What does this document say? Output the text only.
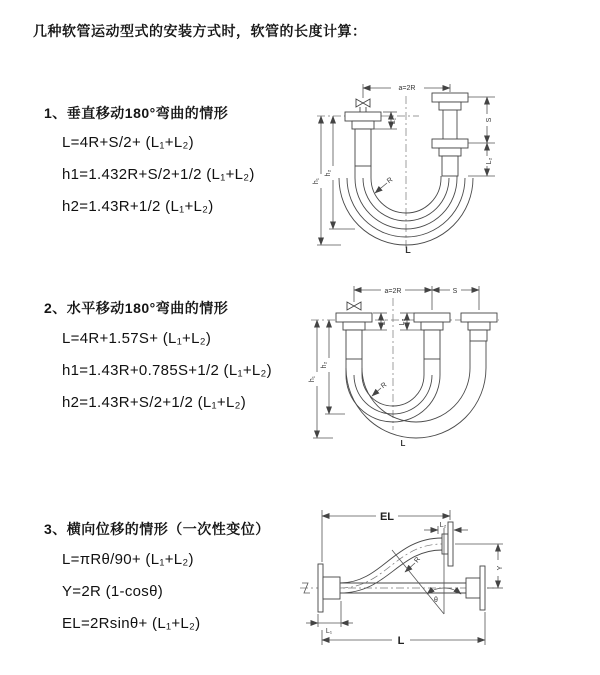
几种软管运动型式的安装方式时，软管的长度计算：
1、垂直移动180°弯曲的情形
L=4R+S/2+ (L₁+L₂)
h1=1.432R+S/2+1/2 (L₁+L₂)
h2=1.43R+1/2 (L₁+L₂)
2、水平移动180°弯曲的情形
L=4R+1.57S+ (L₁+L₂)
h1=1.43R+0.785S+1/2 (L₁+L₂)
h2=1.43R+S/2+1/2 (L₁+L₂)
3、横向位移的情形（一次性变位）
L=πRθ/90+ (L₁+L₂)
Y=2R (1-cosθ)
EL=2Rsinθ+ (L₁+L₂)
a=2R
h₁
h₂
L₁	S
L₂
R
L
a=2R	S
h₁
h₂
L₁ L₂
R
L
EL
L₂
Y
R
θ
L₁
L
